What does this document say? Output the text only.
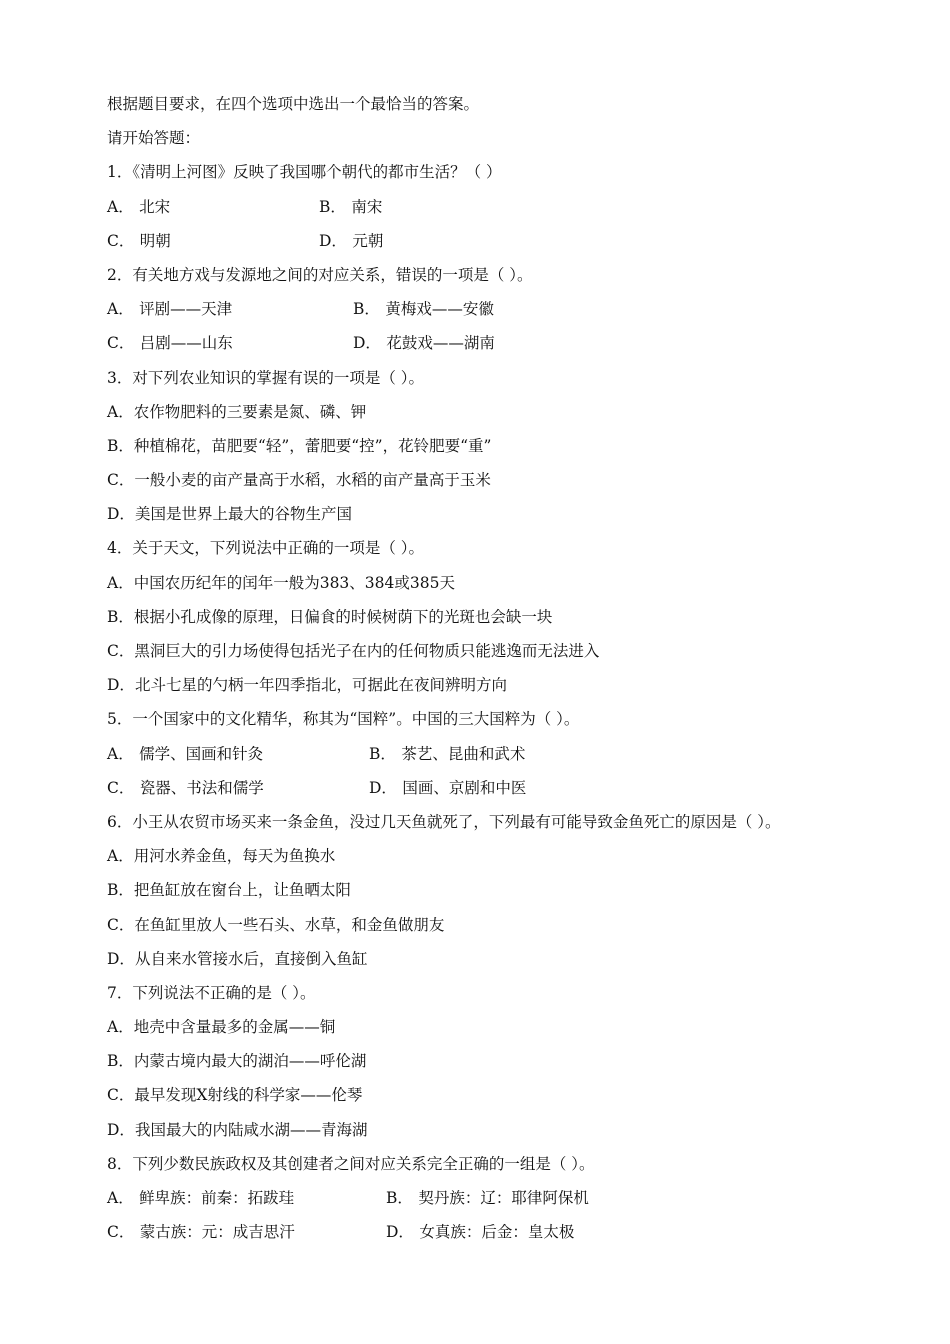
根据题目要求，在四个选项中选出一个最恰当的答案。
请开始答题：
1．《清明上河图》反映了我国哪个朝代的都市生活？（ ）
A． 北宋	B． 南宋
C． 明朝	D． 元朝
2．有关地方戏与发源地之间的对应关系，错误的一项是（ ）。
A． 评剧——天津	B． 黄梅戏——安徽
C． 吕剧——山东	D． 花鼓戏——湖南
3．对下列农业知识的掌握有误的一项是（ ）。
A．农作物肥料的三要素是氮、磷、钾
B．种植棉花，苗肥要“轻”，蕾肥要“控”，花铃肥要“重”
C．一般小麦的亩产量高于水稻，水稻的亩产量高于玉米
D．美国是世界上最大的谷物生产国
4．关于天文，下列说法中正确的一项是（ ）。
A．中国农历纪年的闰年一般为383、384或385天
B．根据小孔成像的原理，日偏食的时候树荫下的光斑也会缺一块
C．黑洞巨大的引力场使得包括光子在内的任何物质只能逃逸而无法进入
D．北斗七星的勺柄一年四季指北，可据此在夜间辨明方向
5．一个国家中的文化精华，称其为“国粹”。中国的三大国粹为（ ）。
A． 儒学、国画和针灸	B． 茶艺、昆曲和武术
C． 瓷器、书法和儒学	D． 国画、京剧和中医
6．小王从农贸市场买来一条金鱼，没过几天鱼就死了，下列最有可能导致金鱼死亡的原因是（ ）。
A．用河水养金鱼，每天为鱼换水
B．把鱼缸放在窗台上，让鱼晒太阳
C．在鱼缸里放人一些石头、水草，和金鱼做朋友
D．从自来水管接水后，直接倒入鱼缸
7．下列说法不正确的是（ ）。
A．地壳中含量最多的金属——铜
B．内蒙古境内最大的湖泊——呼伦湖
C．最早发现X射线的科学家——伦琴
D．我国最大的内陆咸水湖——青海湖
8．下列少数民族政权及其创建者之间对应关系完全正确的一组是（ ）。
A． 鲜卑族：前秦：拓跋珪	B． 契丹族：辽：耶律阿保机
C． 蒙古族：元：成吉思汗	D． 女真族：后金：皇太极
